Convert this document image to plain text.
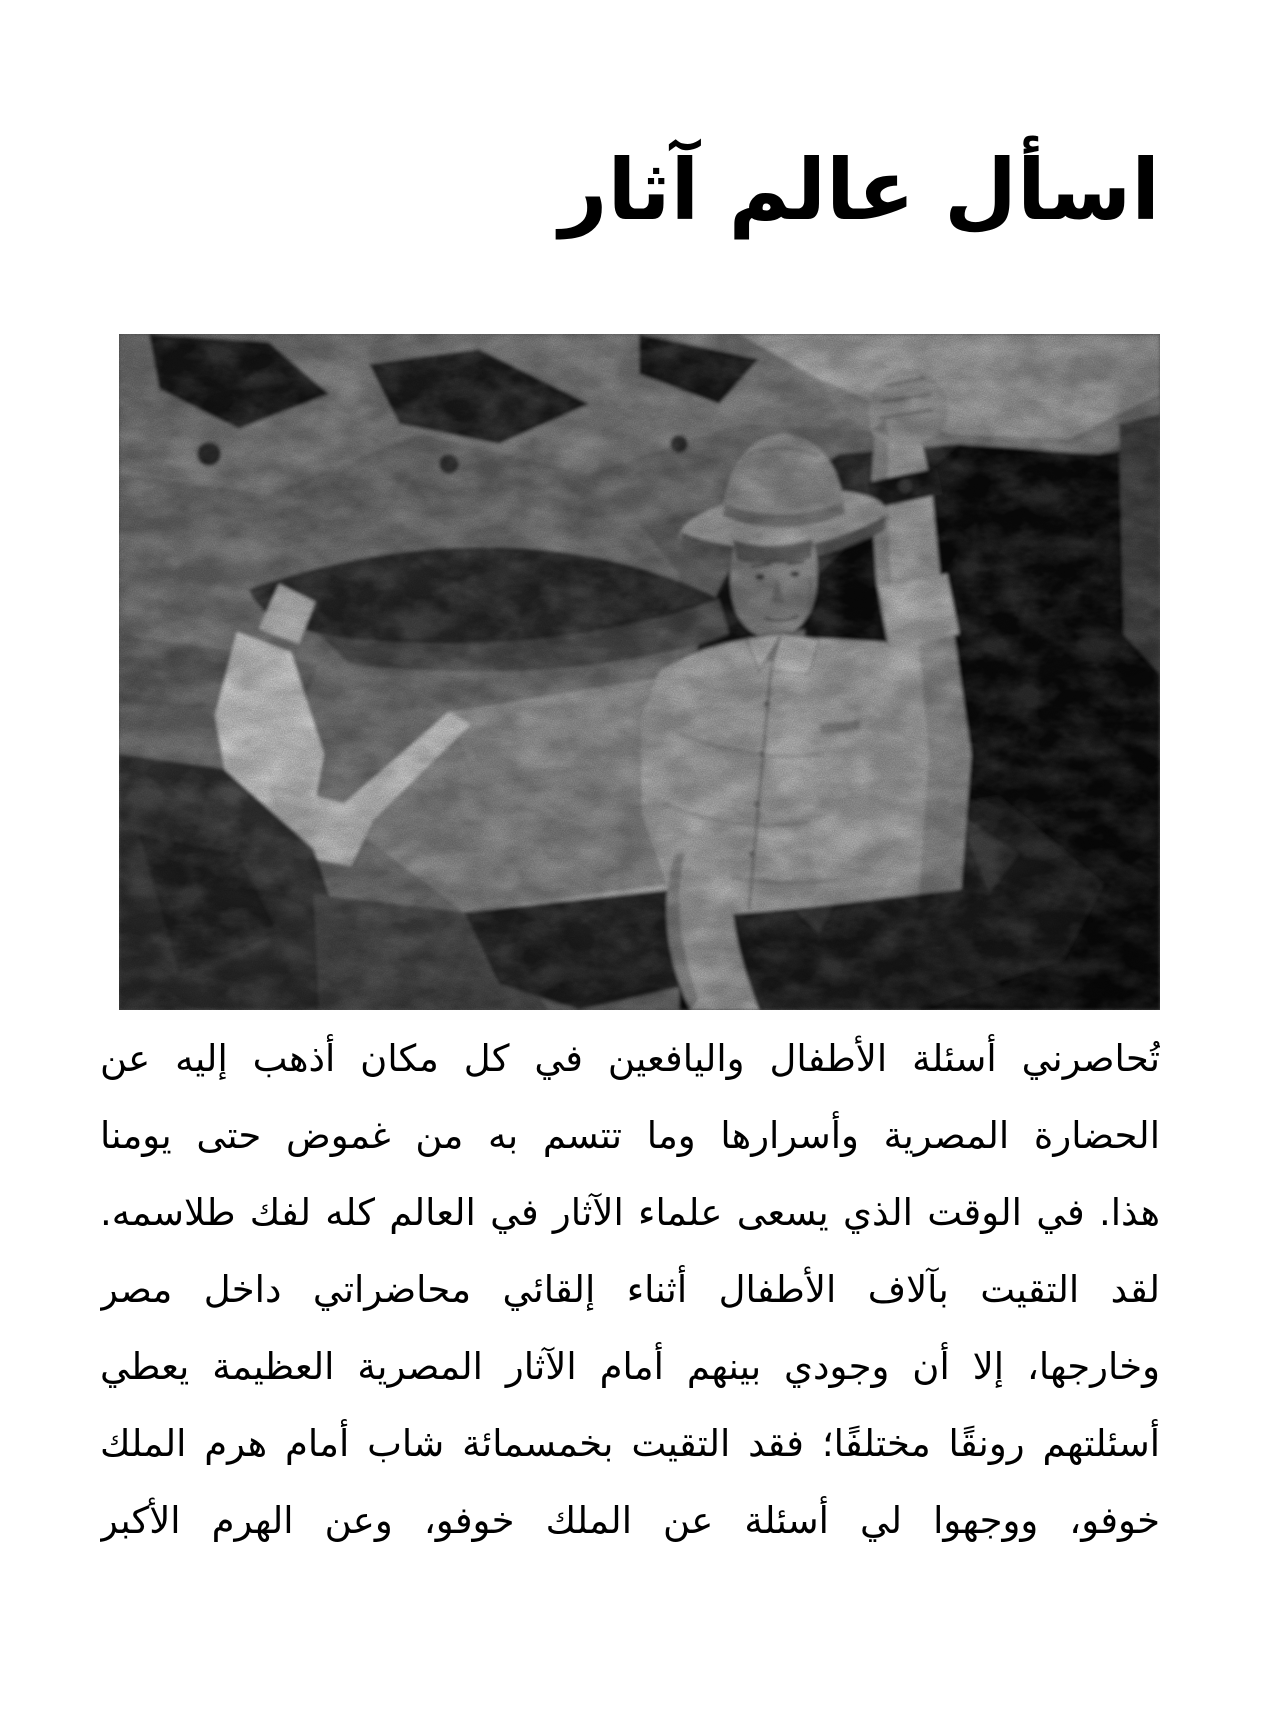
اسأل عالم آثار

تُحاصرني أسئلة الأطفال واليافعين في كل مكان أذهب إليه عن
الحضارة المصرية وأسرارها وما تتسم به من غموض حتى يومنا
هذا. في الوقت الذي يسعى علماء الآثار في العالم كله لفك طلاسمه.

لقد التقيت بآلاف الأطفال أثناء إلقائي محاضراتي داخل مصر
وخارجها، إلا أن وجودي بينهم أمام الآثار المصرية العظيمة يعطي
أسئلتهم رونقًا مختلفًا؛ فقد التقيت بخمسمائة شاب أمام هرم الملك
خوفو، ووجهوا لي أسئلة عن الملك خوفو، وعن الهرم الأكبر
